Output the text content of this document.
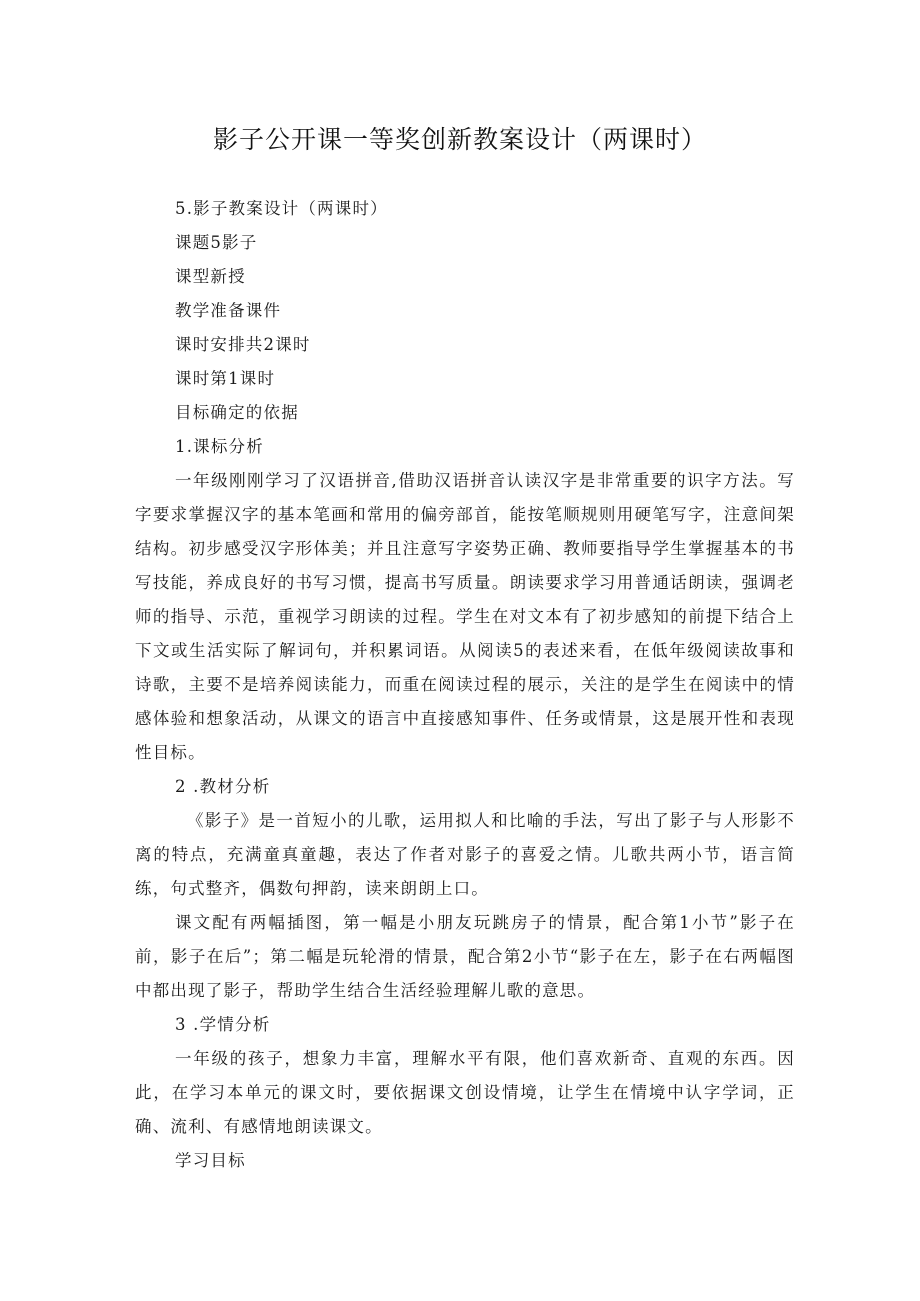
影子公开课一等奖创新教案设计（两课时）

5.影子教案设计（两课时）

课题5影子

课型新授

教学准备课件

课时安排共2课时

课时第1课时

目标确定的依据

1.课标分析

一年级刚刚学习了汉语拼音,借助汉语拼音认读汉字是非常重要的识字方法。写字要求掌握汉字的基本笔画和常用的偏旁部首，能按笔顺规则用硬笔写字，注意间架结构。初步感受汉字形体美；并且注意写字姿势正确、教师要指导学生掌握基本的书写技能，养成良好的书写习惯，提高书写质量。朗读要求学习用普通话朗读，强调老师的指导、示范，重视学习朗读的过程。学生在对文本有了初步感知的前提下结合上下文或生活实际了解词句，并积累词语。从阅读5的表述来看，在低年级阅读故事和诗歌，主要不是培养阅读能力，而重在阅读过程的展示，关注的是学生在阅读中的情感体验和想象活动，从课文的语言中直接感知事件、任务或情景，这是展开性和表现性目标。

2 .教材分析

《影子》是一首短小的儿歌，运用拟人和比喻的手法，写出了影子与人形影不离的特点，充满童真童趣，表达了作者对影子的喜爱之情。儿歌共两小节，语言简练，句式整齐，偶数句押韵，读来朗朗上口。

课文配有两幅插图，第一幅是小朋友玩跳房子的情景，配合第1小节”影子在前，影子在后”；第二幅是玩轮滑的情景，配合第2小节“影子在左，影子在右两幅图中都出现了影子，帮助学生结合生活经验理解儿歌的意思。

3 .学情分析

一年级的孩子，想象力丰富，理解水平有限，他们喜欢新奇、直观的东西。因此，在学习本单元的课文时，要依据课文创设情境，让学生在情境中认字学词，正确、流利、有感情地朗读课文。

学习目标
